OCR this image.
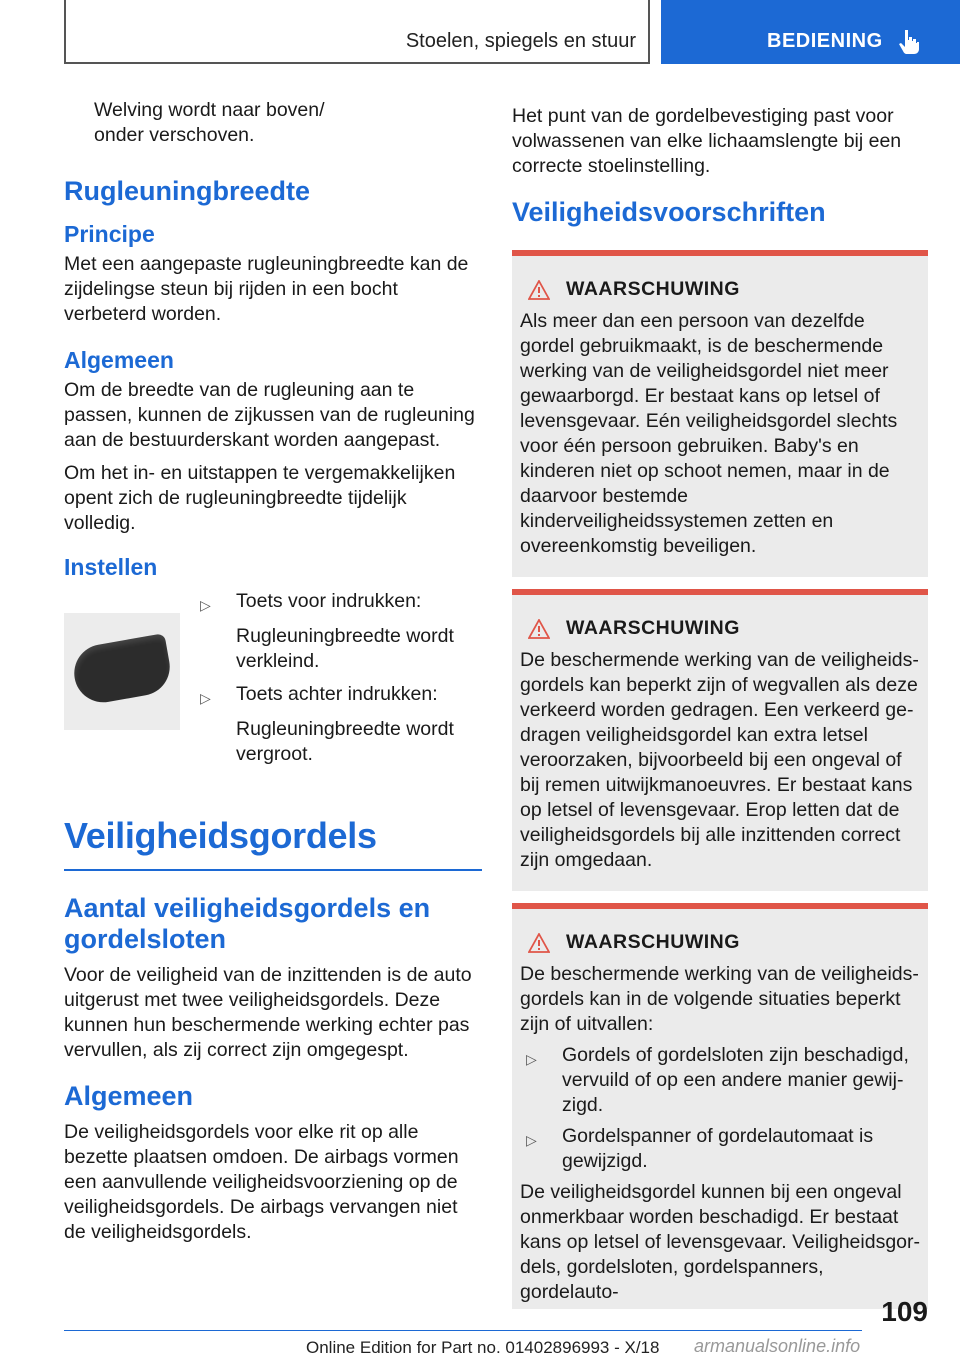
Stoelen, spiegels en stuur	BEDIENING

Welving wordt naar boven/
onder verschoven.

Rugleuningbreedte
Principe

Met een aangepaste rugleuningbreedte kan de zijdelingse steun bij rijden in een bocht verbeterd worden.

Algemeen

Om de breedte van de rugleuning aan te passen, kunnen de zijkussen van de rugleuning aan de bestuurderskant worden aangepast.

Om het in- en uitstappen te vergemakkelijken opent zich de rugleuningbreedte tijdelijk volledig.

Instellen
▷	Toets voor indrukken:
Rugleuningbreedte wordt verkleind.
▷	Toets achter indrukken:
Rugleuningbreedte wordt vergroot.
Veiligheidsgordels
Aantal veiligheidsgordels en gordelsloten

Voor de veiligheid van de inzittenden is de auto uitgerust met twee veiligheidsgordels. Deze kunnen hun beschermende werking echter pas vervullen, als zij correct zijn omgegespt.

Algemeen

De veiligheidsgordels voor elke rit op alle bezette plaatsen omdoen. De airbags vormen een aanvullende veiligheidsvoorziening op de veiligheidsgordels. De airbags vervangen niet de veiligheidsgordels.

Het punt van de gordelbevestiging past voor volwassenen van elke lichaamslengte bij een correcte stoelinstelling.

Veiligheidsvoorschriften
WAARSCHUWING

Als meer dan een persoon van dezelfde gordel gebruikmaakt, is de beschermende werking van de veiligheidsgordel niet meer gewaarborgd. Er bestaat kans op letsel of levensgevaar. Eén veiligheidsgordel slechts voor één persoon gebruiken. Baby's en kinderen niet op schoot nemen, maar in de daarvoor bestemde kinderveiligheidssystemen zetten en overeenkomstig beveiligen.

WAARSCHUWING

De beschermende werking van de veiligheidsgordels kan beperkt zijn of wegvallen als deze verkeerd worden gedragen. Een verkeerd gedragen veiligheidsgordel kan extra letsel veroorzaken, bijvoorbeeld bij een ongeval of bij remen uitwijkmanoeuvres. Er bestaat kans op letsel of levensgevaar. Erop letten dat de veiligheidsgordels bij alle inzittenden correct zijn omgedaan.

WAARSCHUWING

De beschermende werking van de veiligheidsgordels kan in de volgende situaties beperkt zijn of uitvallen:

▷	Gordels of gordelsloten zijn beschadigd, vervuild of op een andere manier gewijzigd.
▷	Gordelspanner of gordelautomaat is gewijzigd.

De veiligheidsgordel kunnen bij een ongeval onmerkbaar worden beschadigd. Er bestaat kans op letsel of levensgevaar. Veiligheidsgordels, gordelsloten, gordelspanners, gordelauto-

109
Online Edition for Part no. 01402896993 - X/18 armanualsonline.info
